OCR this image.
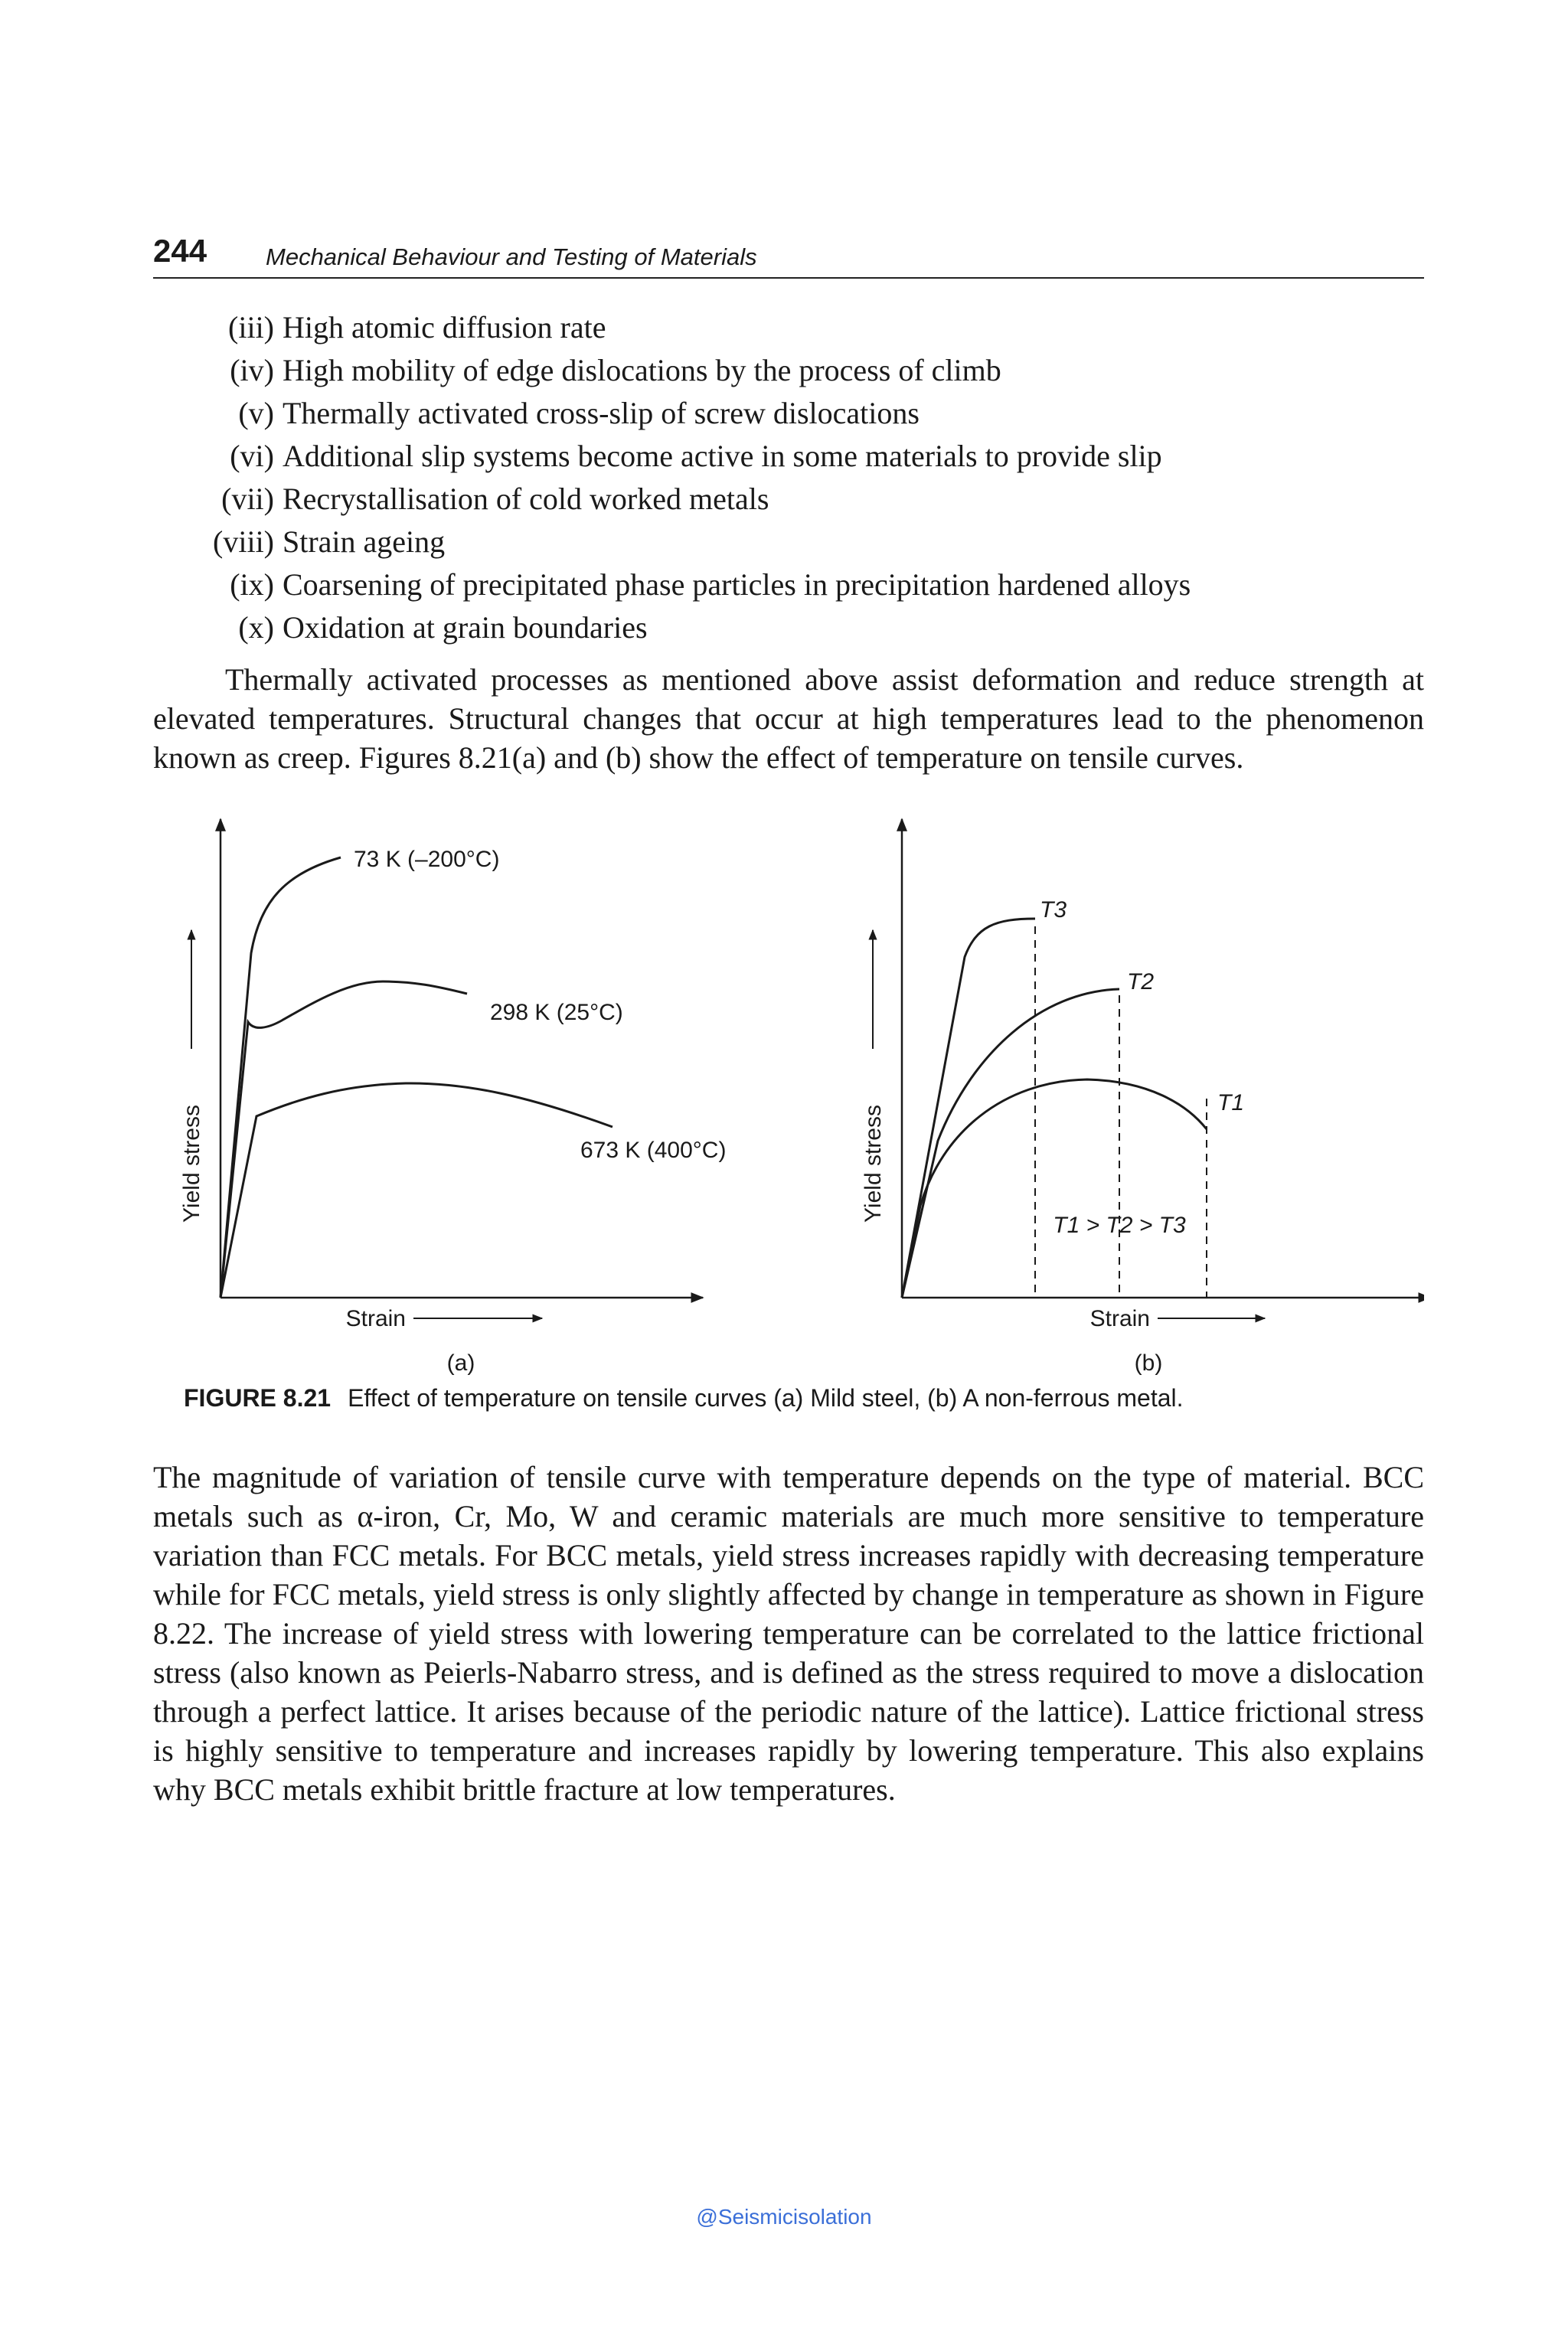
244 Mechanical Behaviour and Testing of Materials
(iii) High atomic diffusion rate
(iv) High mobility of edge dislocations by the process of climb
(v) Thermally activated cross-slip of screw dislocations
(vi) Additional slip systems become active in some materials to provide slip
(vii) Recrystallisation of cold worked metals
(viii) Strain ageing
(ix) Coarsening of precipitated phase particles in precipitation hardened alloys
(x) Oxidation at grain boundaries

Thermally activated processes as mentioned above assist deformation and reduce strength at elevated temperatures. Structural changes that occur at high temperatures lead to the phenomenon known as creep. Figures 8.21(a) and (b) show the effect of temperature on tensile curves.

Yield stress
Strain
73 K (–200°C)
298 K (25°C)
673 K (400°C)
(a)
Yield stress
Strain
T3
T2
T1
T1 > T2 > T3
(b)
FIGURE 8.21 Effect of temperature on tensile curves (a) Mild steel, (b) A non-ferrous metal.

The magnitude of variation of tensile curve with temperature depends on the type of material. BCC metals such as α-iron, Cr, Mo, W and ceramic materials are much more sensitive to temperature variation than FCC metals. For BCC metals, yield stress increases rapidly with decreasing temperature while for FCC metals, yield stress is only slightly affected by change in temperature as shown in Figure 8.22. The increase of yield stress with lowering temperature can be correlated to the lattice frictional stress (also known as Peierls-Nabarro stress, and is defined as the stress required to move a dislocation through a perfect lattice. It arises because of the periodic nature of the lattice). Lattice frictional stress is highly sensitive to temperature and increases rapidly by lowering temperature. This also explains why BCC metals exhibit brittle fracture at low temperatures.

@Seismicisolation
